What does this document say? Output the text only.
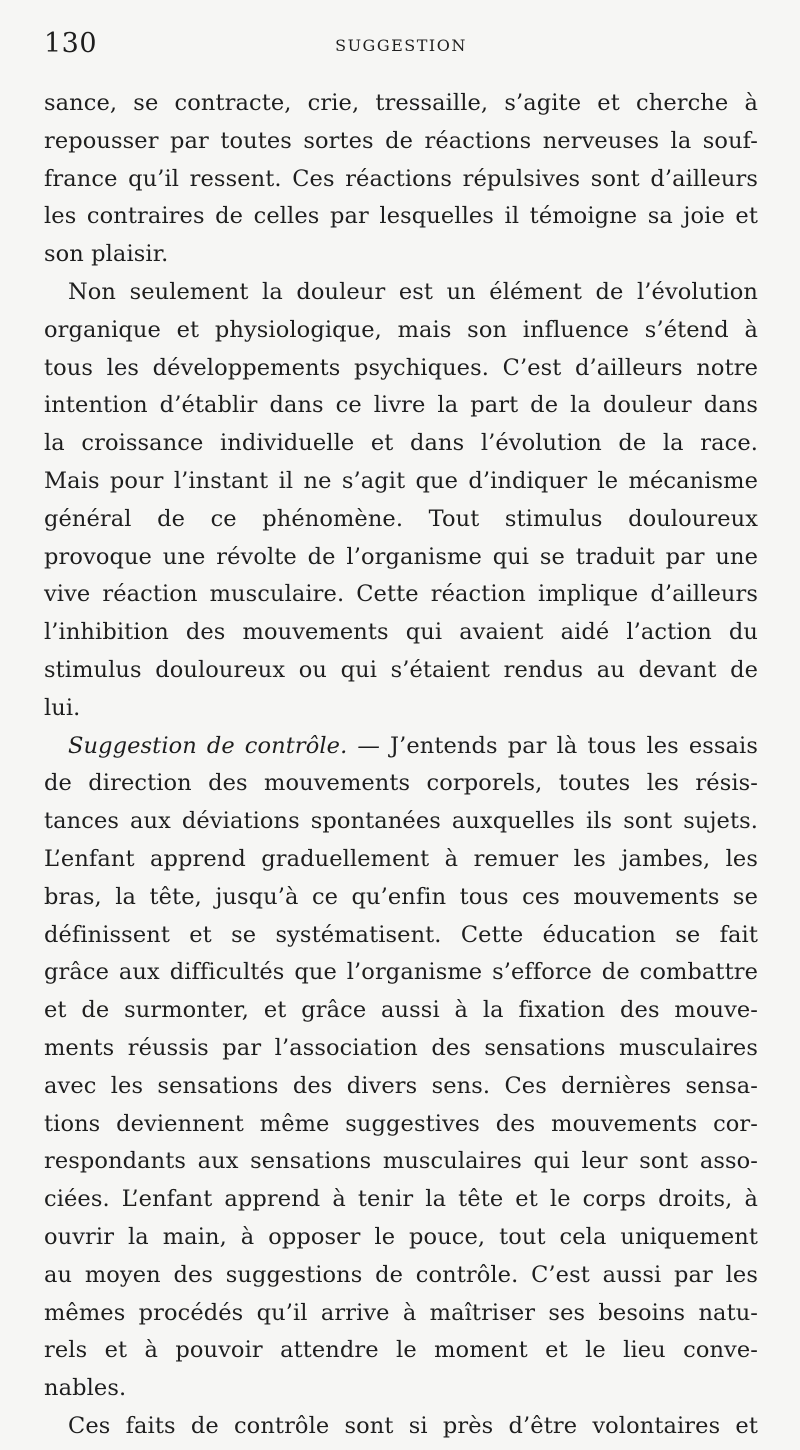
130	SUGGESTION
sance, se contracte, crie, tressaille, s’agite et cherche à
repousser par toutes sortes de réactions nerveuses la souf-
france qu’il ressent. Ces réactions répulsives sont d’ailleurs
les contraires de celles par lesquelles il témoigne sa joie et
son plaisir.
Non seulement la douleur est un élément de l’évolution
organique et physiologique, mais son influence s’étend à
tous les développements psychiques. C’est d’ailleurs notre
intention d’établir dans ce livre la part de la douleur dans
la croissance individuelle et dans l’évolution de la race.
Mais pour l’instant il ne s’agit que d’indiquer le mécanisme
général de ce phénomène. Tout stimulus douloureux
provoque une révolte de l’organisme qui se traduit par une
vive réaction musculaire. Cette réaction implique d’ailleurs
l’inhibition des mouvements qui avaient aidé l’action du
stimulus douloureux ou qui s’étaient rendus au devant de
lui.
Suggestion de contrôle. — J’entends par là tous les essais
de direction des mouvements corporels, toutes les résis-
tances aux déviations spontanées auxquelles ils sont sujets.
L’enfant apprend graduellement à remuer les jambes, les
bras, la tête, jusqu’à ce qu’enfin tous ces mouvements se
définissent et se systématisent. Cette éducation se fait
grâce aux difficultés que l’organisme s’efforce de combattre
et de surmonter, et grâce aussi à la fixation des mouve-
ments réussis par l’association des sensations musculaires
avec les sensations des divers sens. Ces dernières sensa-
tions deviennent même suggestives des mouvements cor-
respondants aux sensations musculaires qui leur sont asso-
ciées. L’enfant apprend à tenir la tête et le corps droits, à
ouvrir la main, à opposer le pouce, tout cela uniquement
au moyen des suggestions de contrôle. C’est aussi par les
mêmes procédés qu’il arrive à maîtriser ses besoins natu-
rels et à pouvoir attendre le moment et le lieu conve-
nables.
Ces faits de contrôle sont si près d’être volontaires et
